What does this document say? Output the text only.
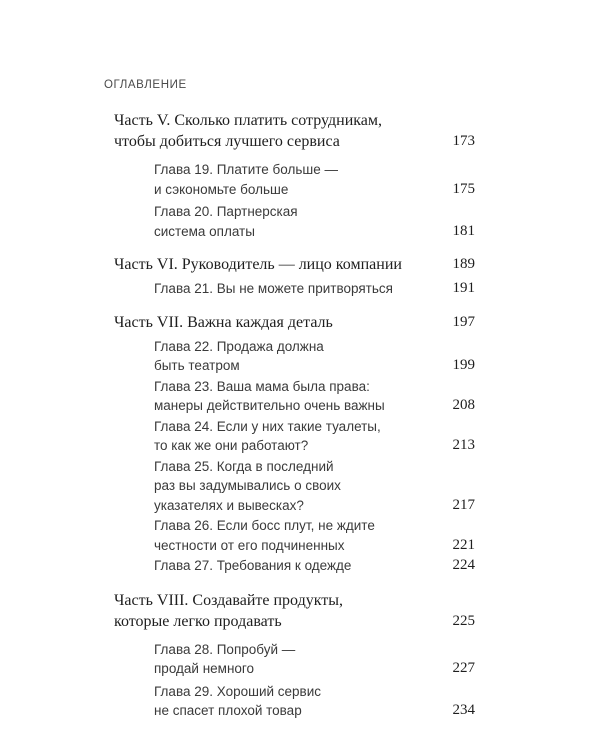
ОГЛАВЛЕНИЕ
Часть V. Сколько платить сотрудникам,
чтобы добиться лучшего сервиса	173
Глава 19. Платите больше —
и сэкономьте больше	175
Глава 20. Партнерская
система оплаты	181
Часть VI. Руководитель — лицо компании	189
Глава 21. Вы не можете притворяться	191
Часть VII. Важна каждая деталь	197
Глава 22. Продажа должна
быть театром	199
Глава 23. Ваша мама была права:
манеры действительно очень важны	208
Глава 24. Если у них такие туалеты,
то как же они работают?	213
Глава 25. Когда в последний
раз вы задумывались о своих
указателях и вывесках?	217
Глава 26. Если босс плут, не ждите
честности от его подчиненных	221
Глава 27. Требования к одежде	224
Часть VIII. Создавайте продукты,
которые легко продавать	225
Глава 28. Попробуй —
продай немного	227
Глава 29. Хороший сервис
не спасет плохой товар	234
